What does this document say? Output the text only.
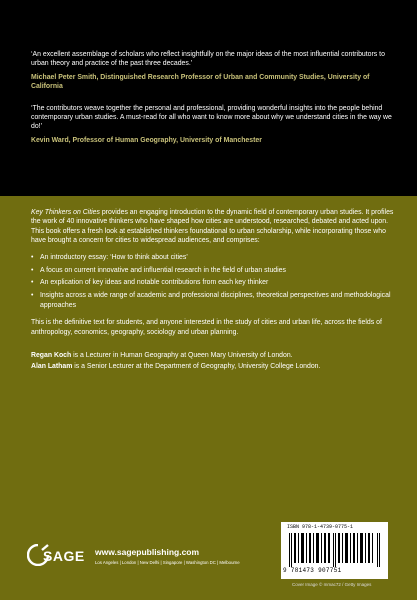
‘An excellent assemblage of scholars who reflect insightfully on the major ideas of the most influential contributors to urban theory and practice of the past three decades.’

Michael Peter Smith, Distinguished Research Professor of Urban and Community Studies, University of California

‘The contributors weave together the personal and professional, providing wonderful insights into the people behind contemporary urban studies. A must-read for all who want to know more about why we understand cities in the way we do!’

Kevin Ward, Professor of Human Geography, University of Manchester

Key Thinkers on Cities provides an engaging introduction to the dynamic field of contemporary urban studies. It profiles the work of 40 innovative thinkers who have shaped how cities are understood, researched, debated and acted upon. This book offers a fresh look at established thinkers foundational to urban scholarship, while incorporating those who have brought a concern for cities to widespread audiences, and comprises:

• An introductory essay: ‘How to think about cities’
• A focus on current innovative and influential research in the field of urban studies
• An explication of key ideas and notable contributions from each key thinker
• Insights across a wide range of academic and professional disciplines, theoretical perspectives and methodological approaches

This is the definitive text for students, and anyone interested in the study of cities and urban life, across the fields of anthropology, economics, geography, sociology and urban planning.

Regan Koch is a Lecturer in Human Geography at Queen Mary University of London.

Alan Latham is a Senior Lecturer at the Department of Geography, University College London.

SAGE www.sagepublishing.com
Los Angeles | London | New Delhi | Singapore | Washington DC | Melbourne
ISBN 978-1-4739-0775-1
9 781473 907751
Cover Image © mmac72 / Getty Images
